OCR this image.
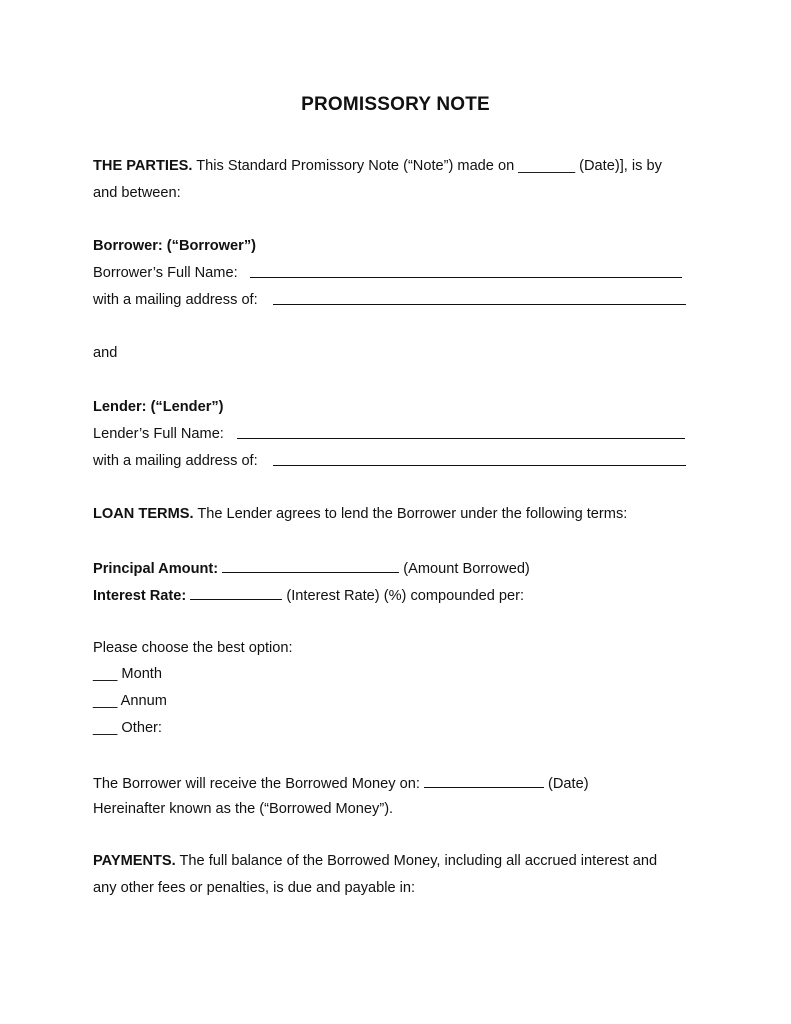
PROMISSORY NOTE
THE PARTIES. This Standard Promissory Note (“Note”) made on _______ (Date)], is by
and between:
Borrower: (“Borrower”)
Borrower’s Full Name:
with a mailing address of:
and
Lender: (“Lender”)
Lender’s Full Name:
with a mailing address of:
LOAN TERMS. The Lender agrees to lend the Borrower under the following terms:
Principal Amount:	(Amount Borrowed)
Interest Rate:	(Interest Rate) (%) compounded per:
Please choose the best option:
___ Month
___ Annum
___ Other:
The Borrower will receive the Borrowed Money on:	(Date)
Hereinafter known as the (“Borrowed Money”).
PAYMENTS. The full balance of the Borrowed Money, including all accrued interest and
any other fees or penalties, is due and payable in:
